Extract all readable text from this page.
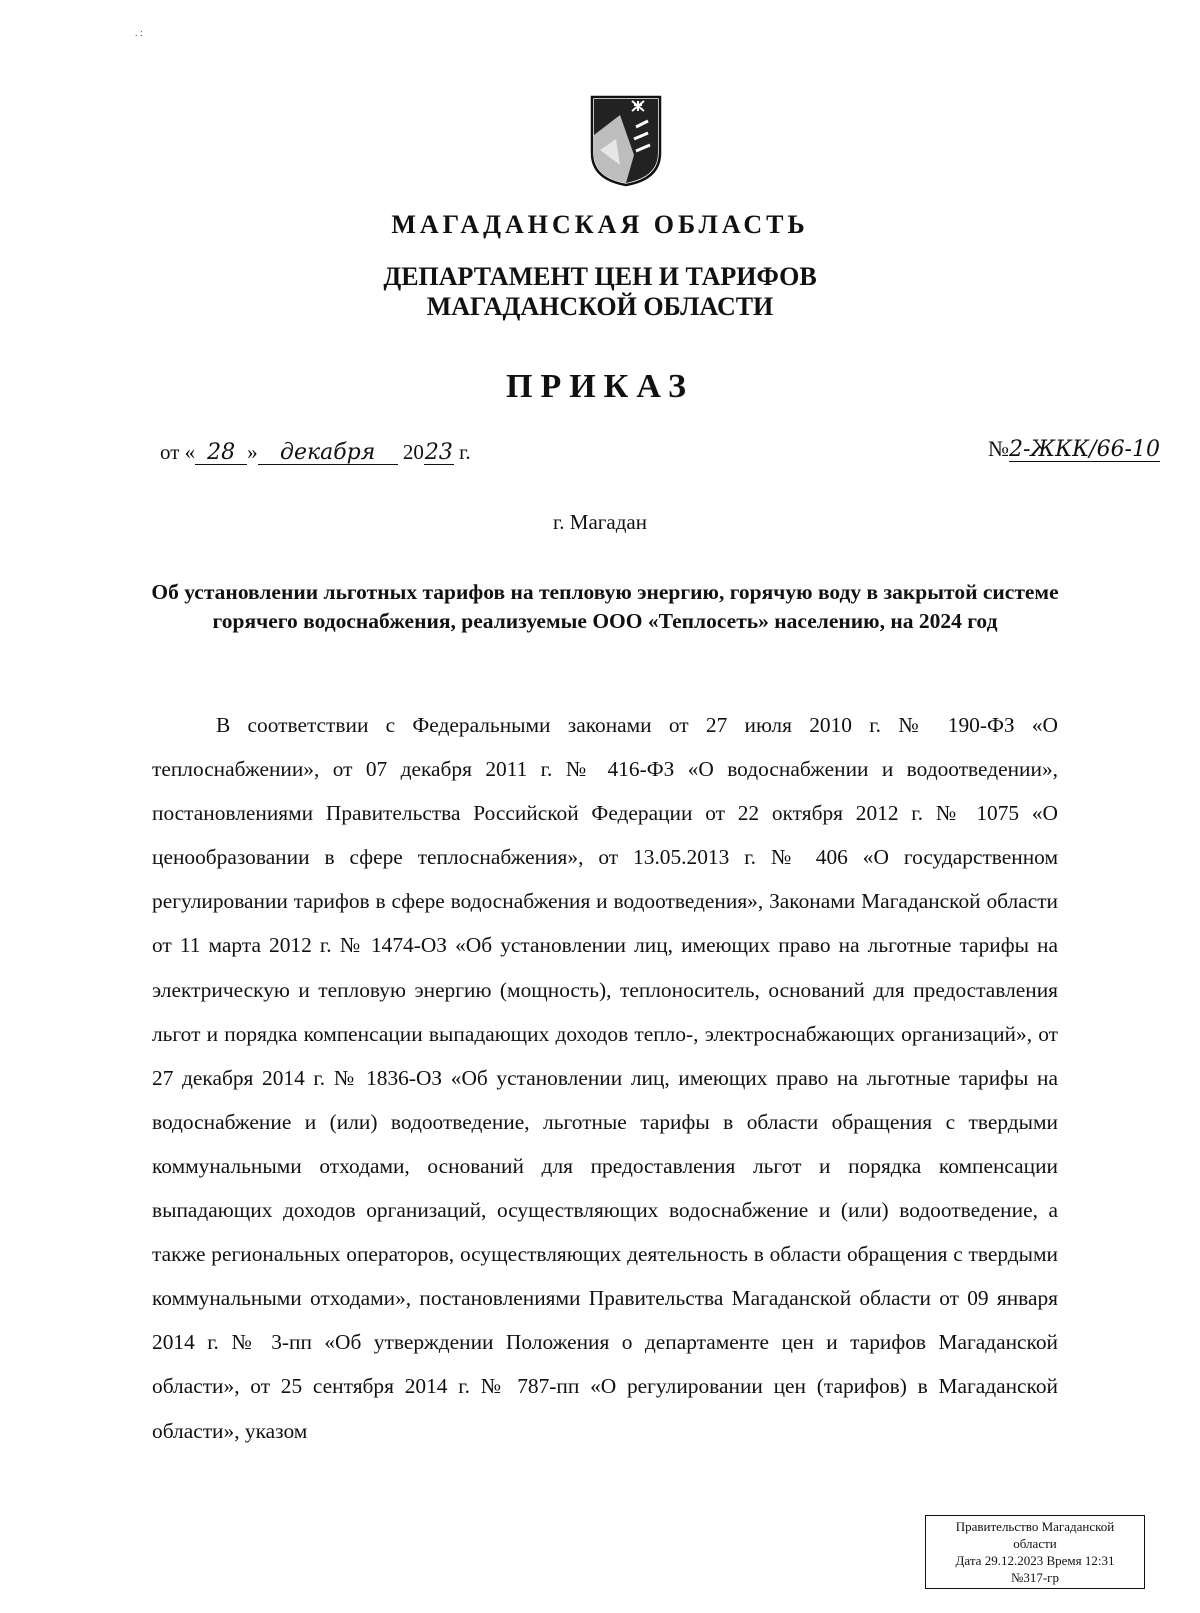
. :
МАГАДАНСКАЯ ОБЛАСТЬ
ДЕПАРТАМЕНТ ЦЕН И ТАРИФОВ
МАГАДАНСКОЙ ОБЛАСТИ
ПРИКАЗ
от « 28 » декабря 2023 г.	№2-ЖКК/66-10
г. Магадан
Об установлении льготных тарифов на тепловую энергию, горячую воду в закрытой системе горячего водоснабжения, реализуемые ООО «Теплосеть» населению, на 2024 год

В соответствии с Федеральными законами от 27 июля 2010 г. № 190-ФЗ «О теплоснабжении», от 07 декабря 2011 г. № 416-ФЗ «О водоснабжении и водоотведении», постановлениями Правительства Российской Федерации от 22 октября 2012 г. № 1075 «О ценообразовании в сфере теплоснабжения», от 13.05.2013 г. № 406 «О государственном регулировании тарифов в сфере водоснабжения и водоотведения», Законами Магаданской области от 11 марта 2012 г. № 1474-ОЗ «Об установлении лиц, имеющих право на льготные тарифы на электрическую и тепловую энергию (мощность), теплоноситель, оснований для предоставления льгот и порядка компенсации выпадающих доходов тепло-, электроснабжающих организаций», от 27 декабря 2014 г. № 1836-ОЗ «Об установлении лиц, имеющих право на льготные тарифы на водоснабжение и (или) водоотведение, льготные тарифы в области обращения с твердыми коммунальными отходами, оснований для предоставления льгот и порядка компенсации выпадающих доходов организаций, осуществляющих водоснабжение и (или) водоотведение, а также региональных операторов, осуществляющих деятельность в области обращения с твердыми коммунальными отходами», постановлениями Правительства Магаданской области от 09 января 2014 г. № 3-пп «Об утверждении Положения о департаменте цен и тарифов Магаданской области», от 25 сентября 2014 г. № 787-пп «О регулировании цен (тарифов) в Магаданской области», указом

Правительство Магаданской
области
Дата 29.12.2023 Время 12:31
№317-гр
